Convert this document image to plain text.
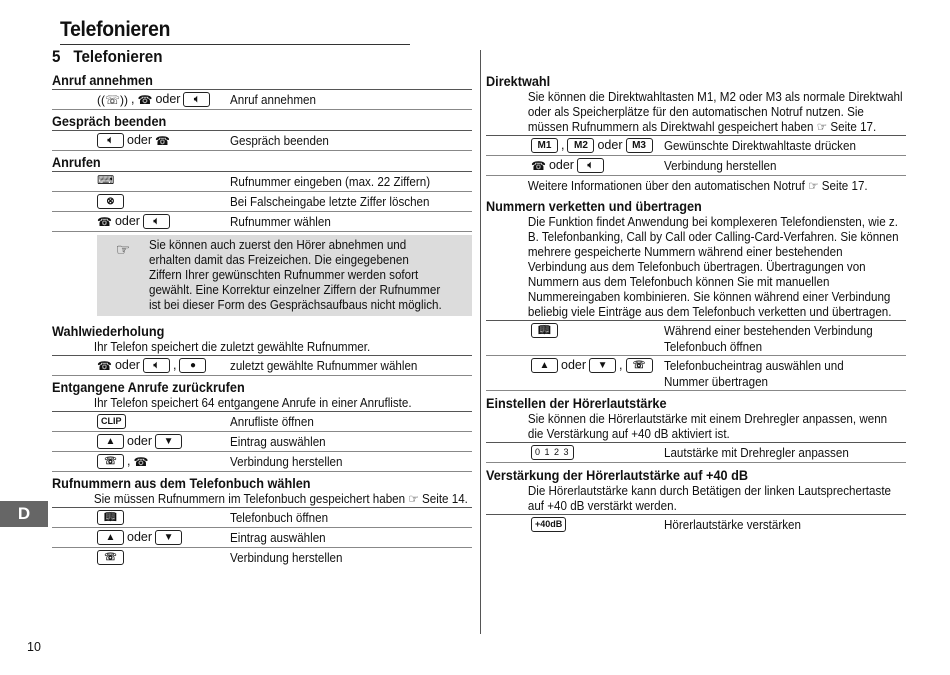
Telefonieren
5 Telefonieren
Anruf annehmen
((☏)) , ☎ oder	🔈︎	Anruf annehmen
Gespräch beenden
🔈︎	oder ☎	Gespräch beenden
Anrufen
⌨	Rufnummer eingeben (max. 22 Ziffern)
⊗	Bei Falscheingabe letzte Ziffer löschen
☎ oder	🔈︎	Rufnummer wählen
☞	Sie können auch zuerst den Hörer abnehmen und erhalten damit das Freizeichen. Die eingegebenen Ziffern Ihrer gewünschten Rufnummer werden sofort gewählt. Eine Korrektur einzelner Ziffern der Rufnummer ist bei dieser Form des Gesprächsaufbaus nicht möglich.
Wahlwiederholung
Ihr Telefon speichert die zuletzt gewählte Rufnummer.
☎ oder	🔈︎	,	●	zuletzt gewählte Rufnummer wählen
Entgangene Anrufe zurückrufen
Ihr Telefon speichert 64 entgangene Anrufe in einer Anrufliste.
CLIP	Anrufliste öffnen
▲ oder	▼	Eintrag auswählen
☏ , ☎	Verbindung herstellen
Rufnummern aus dem Telefonbuch wählen
Sie müssen Rufnummern im Telefonbuch gespeichert haben ☞ Seite 14.
📖︎	Telefonbuch öffnen
▲ oder	▼	Eintrag auswählen
☏	Verbindung herstellen
Direktwahl
Sie können die Direktwahltasten M1, M2 oder M3 als normale Direktwahl oder als Speicherplätze für den automatischen Notruf nutzen. Sie müssen Rufnummern als Direktwahl gespeichert haben ☞ Seite 17.
M1 , M2 oder M3	Gewünschte Direktwahltaste drücken
☎ oder	🔈︎	Verbindung herstellen
Weitere Informationen über den automatischen Notruf ☞ Seite 17.
Nummern verketten und übertragen
Die Funktion findet Anwendung bei komplexeren Telefondiensten, wie z. B. Telefonbanking, Call by Call oder Calling-Card-Verfahren. Sie können mehrere gespeicherte Nummern während einer bestehenden Verbindung aus dem Telefonbuch übertragen. Übertragungen von Nummern aus dem Telefonbuch können Sie mit manuellen Nummereingaben kombinieren. Sie können während einer Verbindung beliebig viele Einträge aus dem Telefonbuch verketten und übertragen.
📖︎	Während einer bestehenden Verbindung Telefonbuch öffnen
▲ oder	▼ ,	☏	Telefonbucheintrag auswählen und Nummer übertragen
Einstellen der Hörerlautstärke
Sie können die Hörerlautstärke mit einem Drehregler anpassen, wenn die Verstärkung auf +40 dB aktiviert ist.
0 1 2 3	Lautstärke mit Drehregler anpassen
Verstärkung der Hörerlautstärke auf +40 dB
Die Hörerlautstärke kann durch Betätigen der linken Lautsprechertaste auf +40 dB verstärkt werden.
+40dB	Hörerlautstärke verstärken
D
10
